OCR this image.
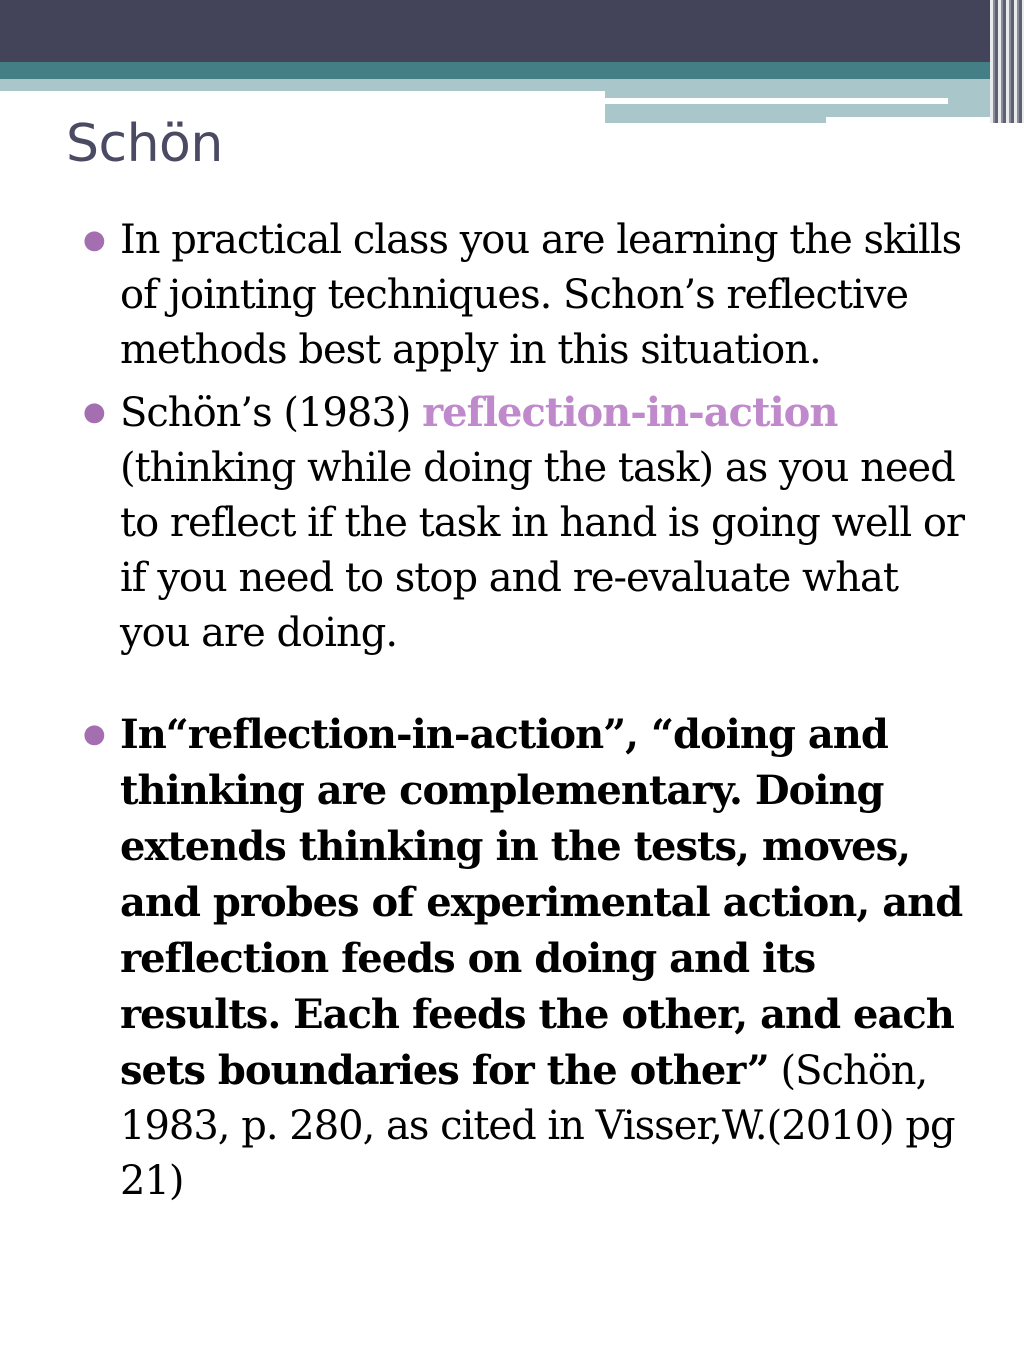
Schön
● In practical class you are learning the skills of jointing techniques. Schon’s reflective methods best apply in this situation.
● Schön’s (1983) reflection-in-action (thinking while doing the task) as you need to reflect if the task in hand is going well or if you need to stop and re-evaluate what you are doing.
● In“reflection-in-action”, “doing and thinking are complementary. Doing extends thinking in the tests, moves, and probes of experimental action, and reflection feeds on doing and its results. Each feeds the other, and each sets boundaries for the other” (Schön, 1983, p. 280, as cited in Visser,W.(2010) pg 21)
